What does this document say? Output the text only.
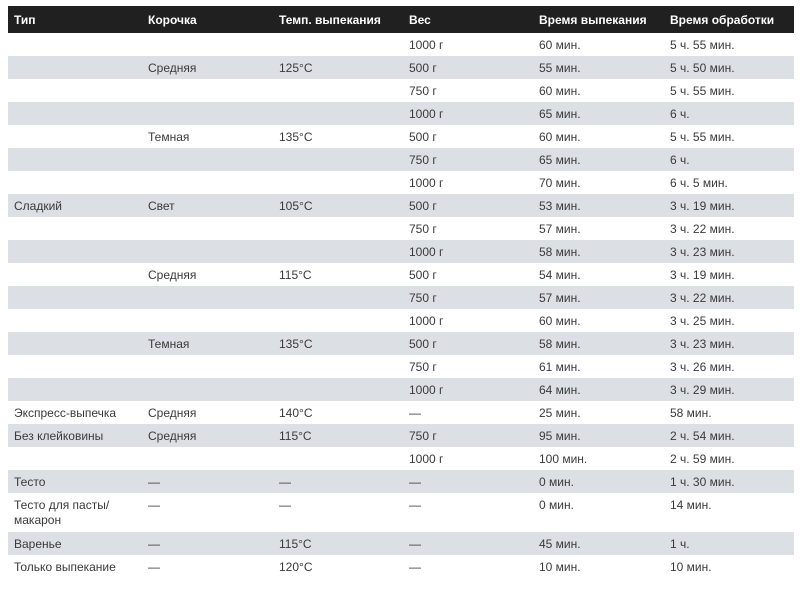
Тип	Корочка	Темп. выпекания	Вес	Время выпекания	Время обработки
			1000 г	60 мин.	5 ч. 55 мин.
	Средняя	125°C	500 г	55 мин.	5 ч. 50 мин.
			750 г	60 мин.	5 ч. 55 мин.
			1000 г	65 мин.	6 ч.
	Темная	135°C	500 г	60 мин.	5 ч. 55 мин.
			750 г	65 мин.	6 ч.
			1000 г	70 мин.	6 ч. 5 мин.
Сладкий	Свет	105°C	500 г	53 мин.	3 ч. 19 мин.
			750 г	57 мин.	3 ч. 22 мин.
			1000 г	58 мин.	3 ч. 23 мин.
	Средняя	115°C	500 г	54 мин.	3 ч. 19 мин.
			750 г	57 мин.	3 ч. 22 мин.
			1000 г	60 мин.	3 ч. 25 мин.
	Темная	135°C	500 г	58 мин.	3 ч. 23 мин.
			750 г	61 мин.	3 ч. 26 мин.
			1000 г	64 мин.	3 ч. 29 мин.
Экспресс-выпечка	Средняя	140°C	—	25 мин.	58 мин.
Без клейковины	Средняя	115°C	750 г	95 мин.	2 ч. 54 мин.
			1000 г	100 мин.	2 ч. 59 мин.
Тесто	—	—	—	0 мин.	1 ч. 30 мин.
Тесто для пасты/ макарон	—	—	—	0 мин.	14 мин.
Варенье	—	115°C	—	45 мин.	1 ч.
Только выпекание	—	120°C	—	10 мин.	10 мин.
